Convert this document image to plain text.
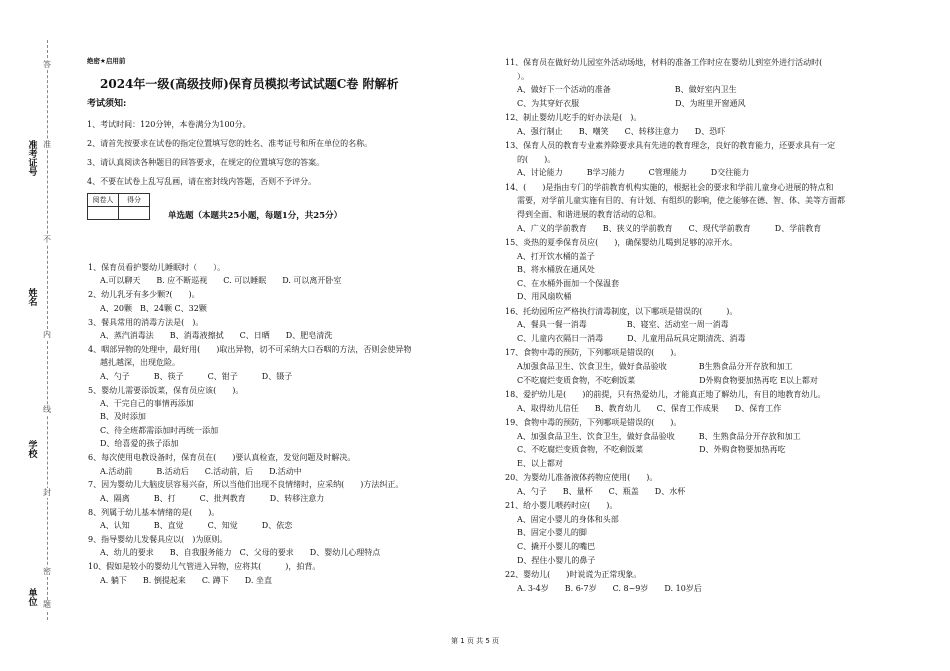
准考证号
姓名
学校
单位
答
准
不
内
线
封
密
题
绝密★启用前
2024年一级(高级技师)保育员模拟考试试题C卷 附解析
考试须知:
1、考试时间：120分钟，本卷满分为100分。
2、请首先按要求在试卷的指定位置填写您的姓名、准考证号和所在单位的名称。
3、请认真阅读各种题目的回答要求，在规定的位置填写您的答案。
4、不要在试卷上乱写乱画，请在密封线内答题，否则不予评分。
阅卷人	得分

单选题（本题共25小题，每题1分，共25分）
1、保育员看护婴幼儿睡眠时（　　）。
A.可以聊天　　B. 应不断巡视　　C. 可以睡眠　　D. 可以离开卧室
2、幼儿乳牙有多少颗?(　　)。
A、20颗　B、24颗 C、32颗
3、餐具常用的消毒方法是(　)。
A、蒸汽消毒法　　B、消毒液擦拭　　C、日晒　　D、肥皂清洗
4、咽部异物的处理中，最好用(　　)取出异物，切不可采纳大口吞咽的方法，否则会使异物
越扎越深，出现危险。
A、勺子　　　B、筷子　　　C、钳子　　　D、镊子
5、婴幼儿需要添饭菜，保育员应该(　　)。
A、干完自己的事情再添加
B、及时添加
C、待全班都需添加时再统一添加
D、给喜爱的孩子添加
6、每次使用电教设备时，保育员在(　　)要认真检查，发觉问题及时解决。
A.活动前　　　B.活动后　　C.活动前，后　　D.活动中
7、因为婴幼儿大脑皮层容易兴奋，所以当他们出现不良情绪时，应采纳(　　)方法纠正。
A、隔离　　　B、打　　　C、批判教育　　　D、转移注意力
8、列属于幼儿基本情绪的是(　　)。
A、认知　　　B、直觉　　　C、知觉　　　D、依恋
9、指导婴幼儿发餐具应以(　)为原则。
A、幼儿的要求　　B、自我服务能力　C、父母的要求　　D、婴幼儿心理特点
10、假如是较小的婴幼儿气管进入异物，应将其(　　　)，拍背。
A. 躺下　　B. 倒提起来　　C. 蹲下　　D. 坐直
11、保育员在做好幼儿园室外活动场地，材料的准备工作时应在婴幼儿到室外进行活动时(
）。
A、做好下一个活动的准备　　　　　　　　B、做好室内卫生
C、为其穿好衣服　　　　　　　　　　　　D、为班里开窗通风
12、制止婴幼儿吃手的好办法是(　)。
A、强行制止　　B、嘲笑　　C、转移注意力　　D、恐吓
13、保育人员的教育专业素养除要求具有先进的教育理念，良好的教育能力，还要求具有一定
的(　　)。
A、讨论能力　　　B学习能力　　　C管理能力　　　D交往能力
14、(　　)是指由专门的学前教育机构实施的，根据社会的要求和学前儿童身心进展的特点和
需要，对学前儿童实施有目的、有计划、有组织的影响，使之能够在德、智、体、美等方面都
得到全面、和谐进展的教育活动的总和。
A、广义的学前教育　　B、狭义的学前教育　　C、现代学前教育　　　D、学前教育
15、炎热的夏季保育员应(　　)，确保婴幼儿喝到足够的凉开水。
A、打开饮水桶的盖子
B、将水桶放在通风处
C、在水桶外面加一个保温套
D、用风扇吹桶
16、托幼园所应严格执行清毒制度，以下哪项是错误的(　　　)。
A、餐具一餐一消毒　　　　　B、寝室、活动室一周一消毒
C、儿童内衣隔日一消毒　　　D、儿童用品玩具定期清洗、消毒
17、食物中毒的预防，下列哪项是错误的(　　)。
A加强食品卫生、饮食卫生，做好食品验收　　　　B生熟食品分开存放和加工
C不吃腐烂变质食物，不吃剩饭菜　　　　　　　　D外购食物要加热再吃 E以上都对
18、爱护幼儿是(　　)的前提，只有热爱幼儿，才能真正地了解幼儿，有目的地教育幼儿。
A、取得幼儿信任　　B、教育幼儿　　C、保育工作成果　　D、保育工作
19、食物中毒的预防，下列哪项是错误的(　　)。
A、加强食品卫生、饮食卫生，做好食品验收　　　B、生熟食品分开存放和加工
C、不吃腐烂变质食物，不吃剩饭菜　　　　　　　D、外购食物要加热再吃
E、以上都对
20、为婴幼儿准备液体药物应使用(　　)。
A、勺子　　B、量杯　　C、瓶盖　　D、水杯
21、给小婴儿喂药时应(　　)。
A、固定小婴儿的身体和头部
B、固定小婴儿的脚
C、撬开小婴儿的嘴巴
D、捏住小婴儿的鼻子
22、婴幼儿(　　)时说谎为正常现象。
A. 3-4岁　　B. 6-7岁　　C. 8~9岁　　D. 10岁后
第 1 页 共 5 页
